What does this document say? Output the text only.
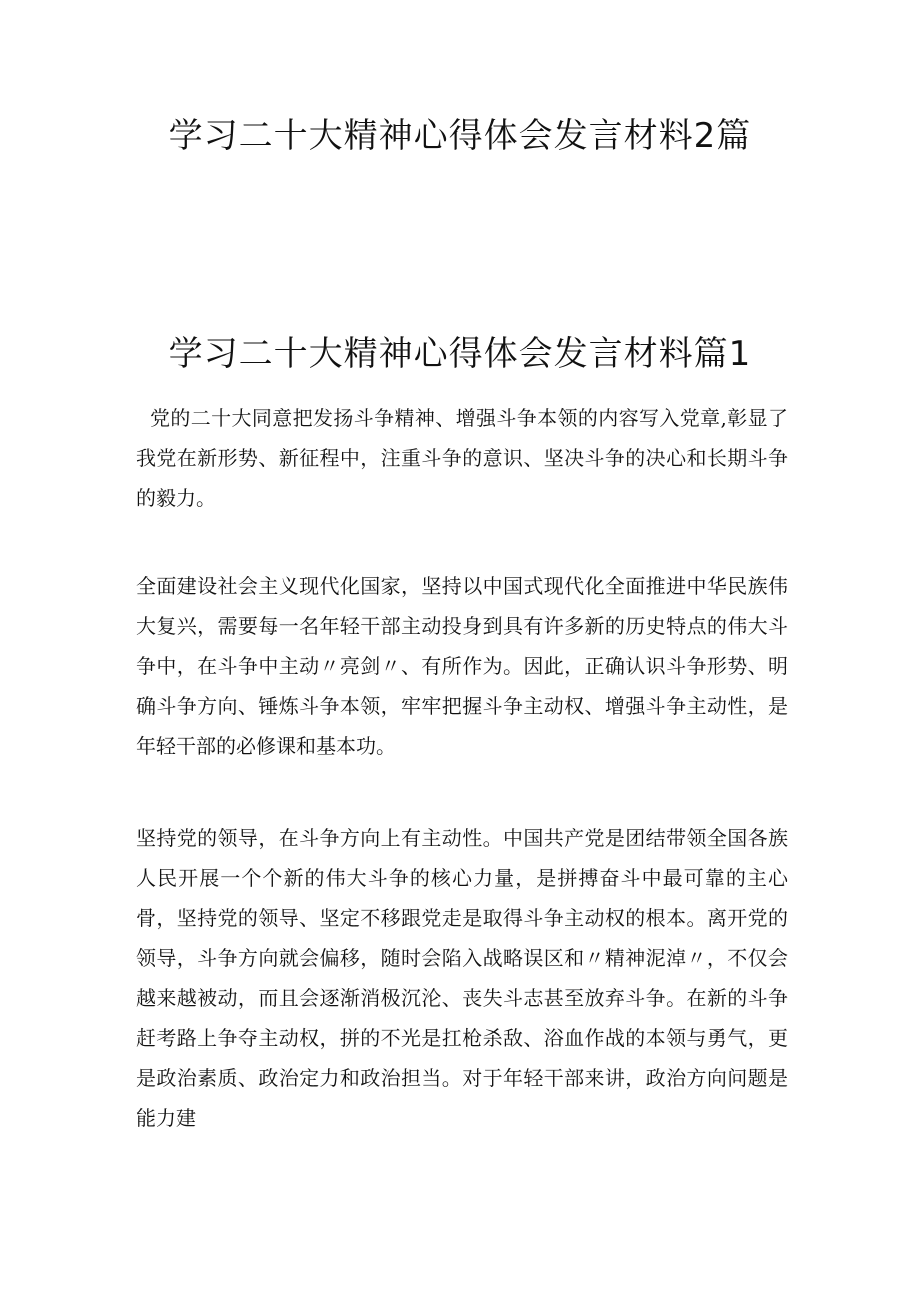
学习二十大精神心得体会发言材料2篇
学习二十大精神心得体会发言材料篇1

党的二十大同意把发扬斗争精神、增强斗争本领的内容写入党章,彰显了我党在新形势、新征程中，注重斗争的意识、坚决斗争的决心和长期斗争的毅力。

全面建设社会主义现代化国家，坚持以中国式现代化全面推进中华民族伟大复兴，需要每一名年轻干部主动投身到具有许多新的历史特点的伟大斗争中，在斗争中主动〃亮剑〃、有所作为。因此，正确认识斗争形势、明确斗争方向、锤炼斗争本领，牢牢把握斗争主动权、增强斗争主动性，是年轻干部的必修课和基本功。

坚持党的领导，在斗争方向上有主动性。中国共产党是团结带领全国各族人民开展一个个新的伟大斗争的核心力量，是拼搏奋斗中最可靠的主心骨，坚持党的领导、坚定不移跟党走是取得斗争主动权的根本。离开党的领导，斗争方向就会偏移，随时会陷入战略误区和〃精神泥淖〃，不仅会越来越被动，而且会逐渐消极沉沦、丧失斗志甚至放弃斗争。在新的斗争赶考路上争夺主动权，拼的不光是扛枪杀敌、浴血作战的本领与勇气，更是政治素质、政治定力和政治担当。对于年轻干部来讲，政治方向问题是能力建
